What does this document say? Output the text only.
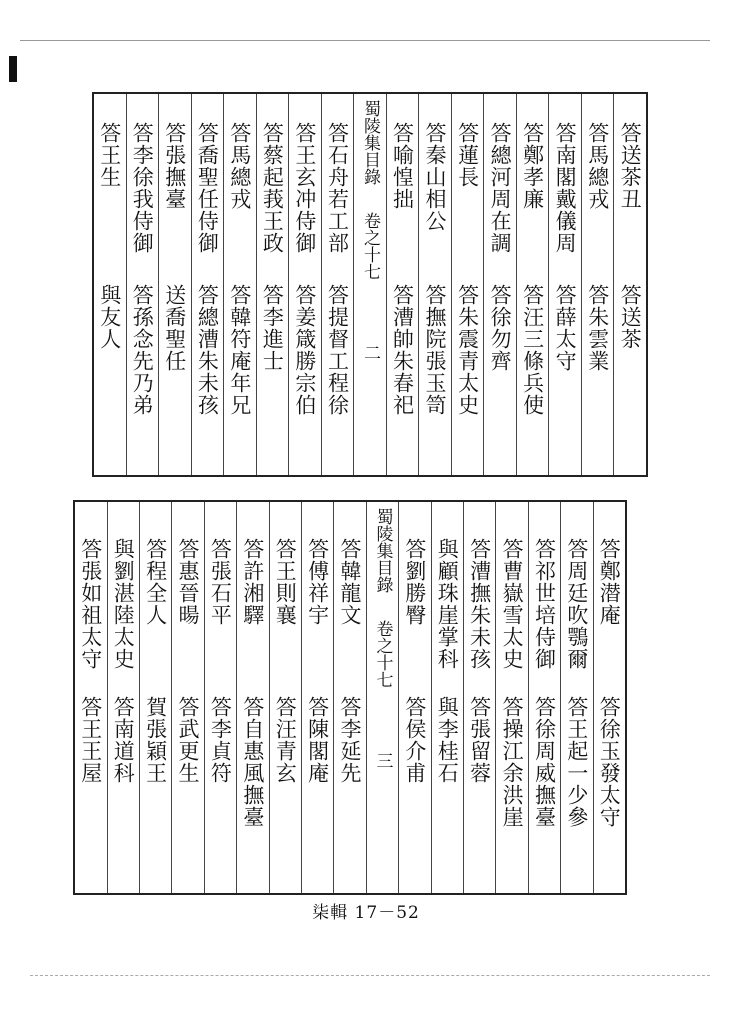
答送茶丑
答送茶
答馬總戎
答朱雲業
答南閣戴儀周
答薛太守
答鄭孝廉
答汪三條兵使
答總河周在調
答徐勿齊
答蓮長
答朱震青太史
答秦山相公
答撫院張玉笥
答喻惶拙
答漕帥朱春祀
蜀陵集目錄
卷之十七
二
答石舟若工部
答提督工程徐
答王玄冲侍御
答姜箴勝宗伯
答蔡起莪王政
答李進士
答馬總戎
答韓符庵年兄
答喬聖任侍御
答總漕朱未孩
答張撫臺
送喬聖任
答李徐我侍御
答孫念先乃弟
答王生
與友人
答鄭潜庵
答徐玉發太守
答周廷吹鶚爾
答王起一少參
答祁世培侍御
答徐周威撫臺
答曹嶽雪太史
答操江余洪崖
答漕撫朱未孩
答張留蓉
與顧珠崖掌科
與李桂石
答劉勝臀
答侯介甫
蜀陵集目錄
卷之十七
三
答韓龍文
答李延先
答傅祥宇
答陳閣庵
答王則襄
答汪青玄
答許湘驛
答自惠風撫臺
答張石平
答李貞符
答惠晉暘
答武更生
答程全人
賀張穎王
與劉湛陸太史
答南道科
答張如祖太守
答王王屋
柒輯 17－52
